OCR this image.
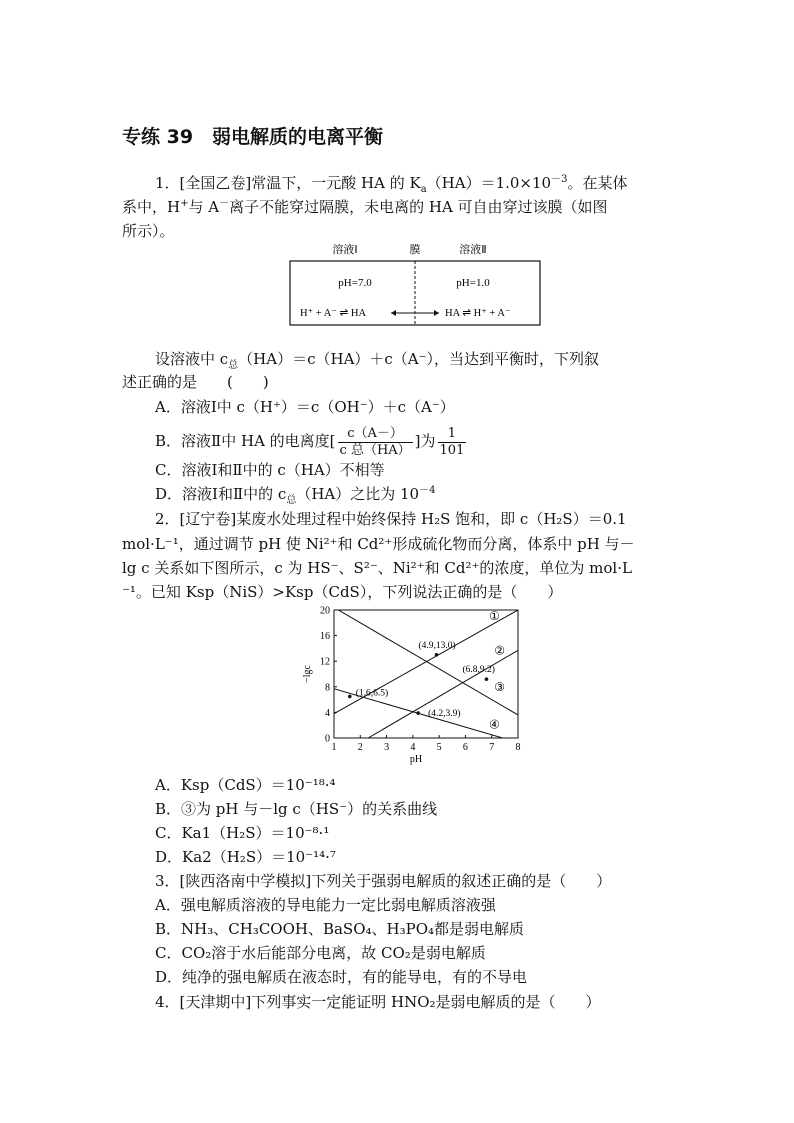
专练 39　弱电解质的电离平衡
1．[全国乙卷]常温下，一元酸 HA 的 $K_a(HA)=1.0\times 10^{-3}$。在某体
系中，H+与 A－离子不能穿过隔膜，未电离的 HA 可自由穿过该膜（如图
所示）。
溶液Ⅰ	膜	溶液Ⅱ
pH=7.0	pH=1.0
H⁺ + A⁻ ⇌ HA	HA ⇌ H⁺ + A⁻
设溶液中 $c_总(HA)=c(HA)+c(A^-)$，当达到平衡时，下列叙
述正确的是　　(　　)
A．溶液Ⅰ中 c（H⁺）＝c（OH⁻）＋c（A⁻）
B．溶液Ⅱ中 HA 的电离度[ $\frac{c(A-)}{\text{c 总（HA）}}$ ]为 $\frac{1}{101}$
C．溶液Ⅰ和Ⅱ中的 c（HA）不相等
D．溶液Ⅰ和Ⅱ中的 $c_总(HA)$之比为 $10^{-4}$
2．[辽宁卷]某废水处理过程中始终保持 H₂S 饱和，即 c（H₂S）＝0.1
mol·L⁻¹，通过调节 pH 使 Ni²⁺和 Cd²⁺形成硫化物而分离，体系中 pH 与－
lg c 关系如下图所示，c 为 HS⁻、S²⁻、Ni²⁺和 Cd²⁺的浓度，单位为 mol·L
⁻¹。已知 Ksp（NiS）>Ksp（CdS），下列说法正确的是（　　）
1 2 3 4 5 6 7 8
0
4
8
12
16
20
(4.9,13.0)
(6.8,9.2)
(1.6,6.5)
(4.2,3.9)
−lgc
pH
①
②
③
④
A．Ksp（CdS）＝10⁻¹⁸·⁴
B．③为 pH 与－lg c（HS⁻）的关系曲线
C．Ka1（H₂S）＝10⁻⁸·¹
D．Ka2（H₂S）＝10⁻¹⁴·⁷
3．[陕西洛南中学模拟]下列关于强弱电解质的叙述正确的是（　　）
A．强电解质溶液的导电能力一定比弱电解质溶液强
B．NH₃、CH₃COOH、BaSO₄、H₃PO₄都是弱电解质
C．CO₂溶于水后能部分电离，故 CO₂是弱电解质
D．纯净的强电解质在液态时，有的能导电，有的不导电
4．[天津期中]下列事实一定能证明 HNO₂是弱电解质的是（　　）
